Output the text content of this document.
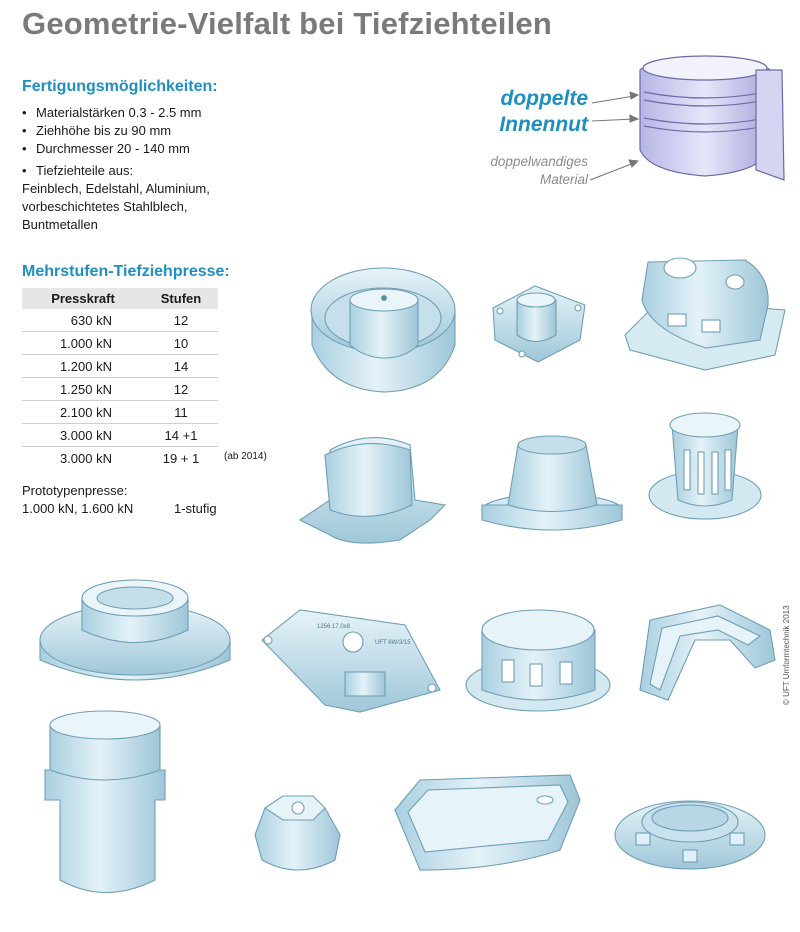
Geometrie-Vielfalt bei Tiefziehteilen
Fertigungsmöglichkeiten:
• Materialstärken 0.3 - 2.5 mm
• Ziehhöhe bis zu 90 mm
• Durchmesser 20 - 140 mm
• Tiefziehteile aus:
Feinblech, Edelstahl, Aluminium,
vorbeschichtetes Stahlblech,
Buntmetallen
Mehrstufen-Tiefziehpresse:
Presskraft	Stufen
630 kN	12
1.000 kN	10
1.200 kN	14
1.250 kN	12
2.100 kN	11
3.000 kN	14 +1
3.000 kN	19 + 1 (ab 2014)
Prototypenpresse:
1.000 kN, 1.600 kN	1-stufig
doppelte
Innennut
doppelwandiges
Material
© UFT Umformtechnik 2013
1256.17.0x8
UFT 6W/3/15
